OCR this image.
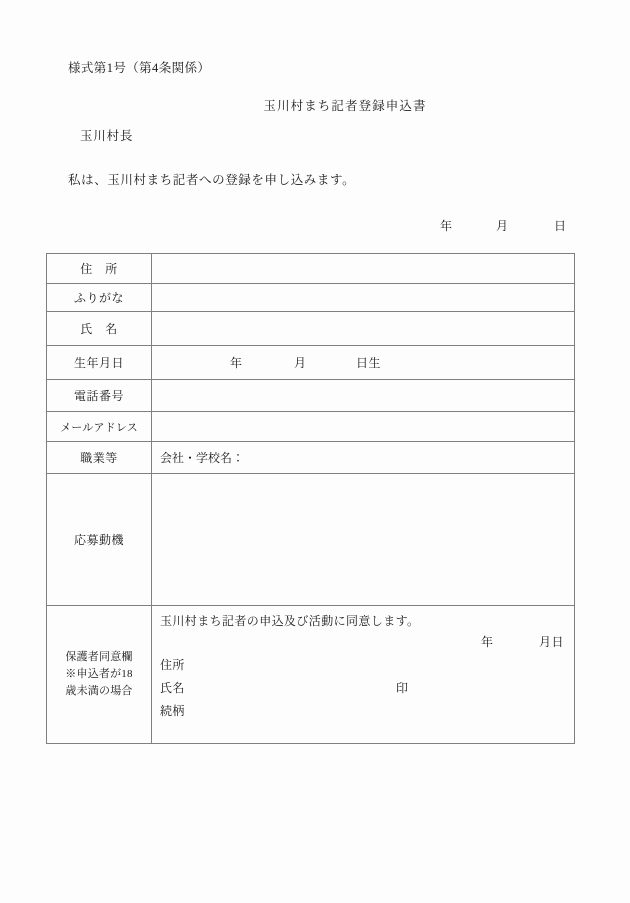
様式第1号（第4条関係）
玉川村まち記者登録申込書
玉川村長
私は、玉川村まち記者への登録を申し込みます。
年	月	日
住　所	
ふりがな	
氏　名	
生年月日	年 月 日生

電話番号	
メールアドレス	
職業等	会社・学校名：
応募動機	

保護者同意欄
※申込者が18
歳未満の場合

玉川村まち記者の申込及び活動に同意します。
年	月日
住所
氏名	印
続柄
